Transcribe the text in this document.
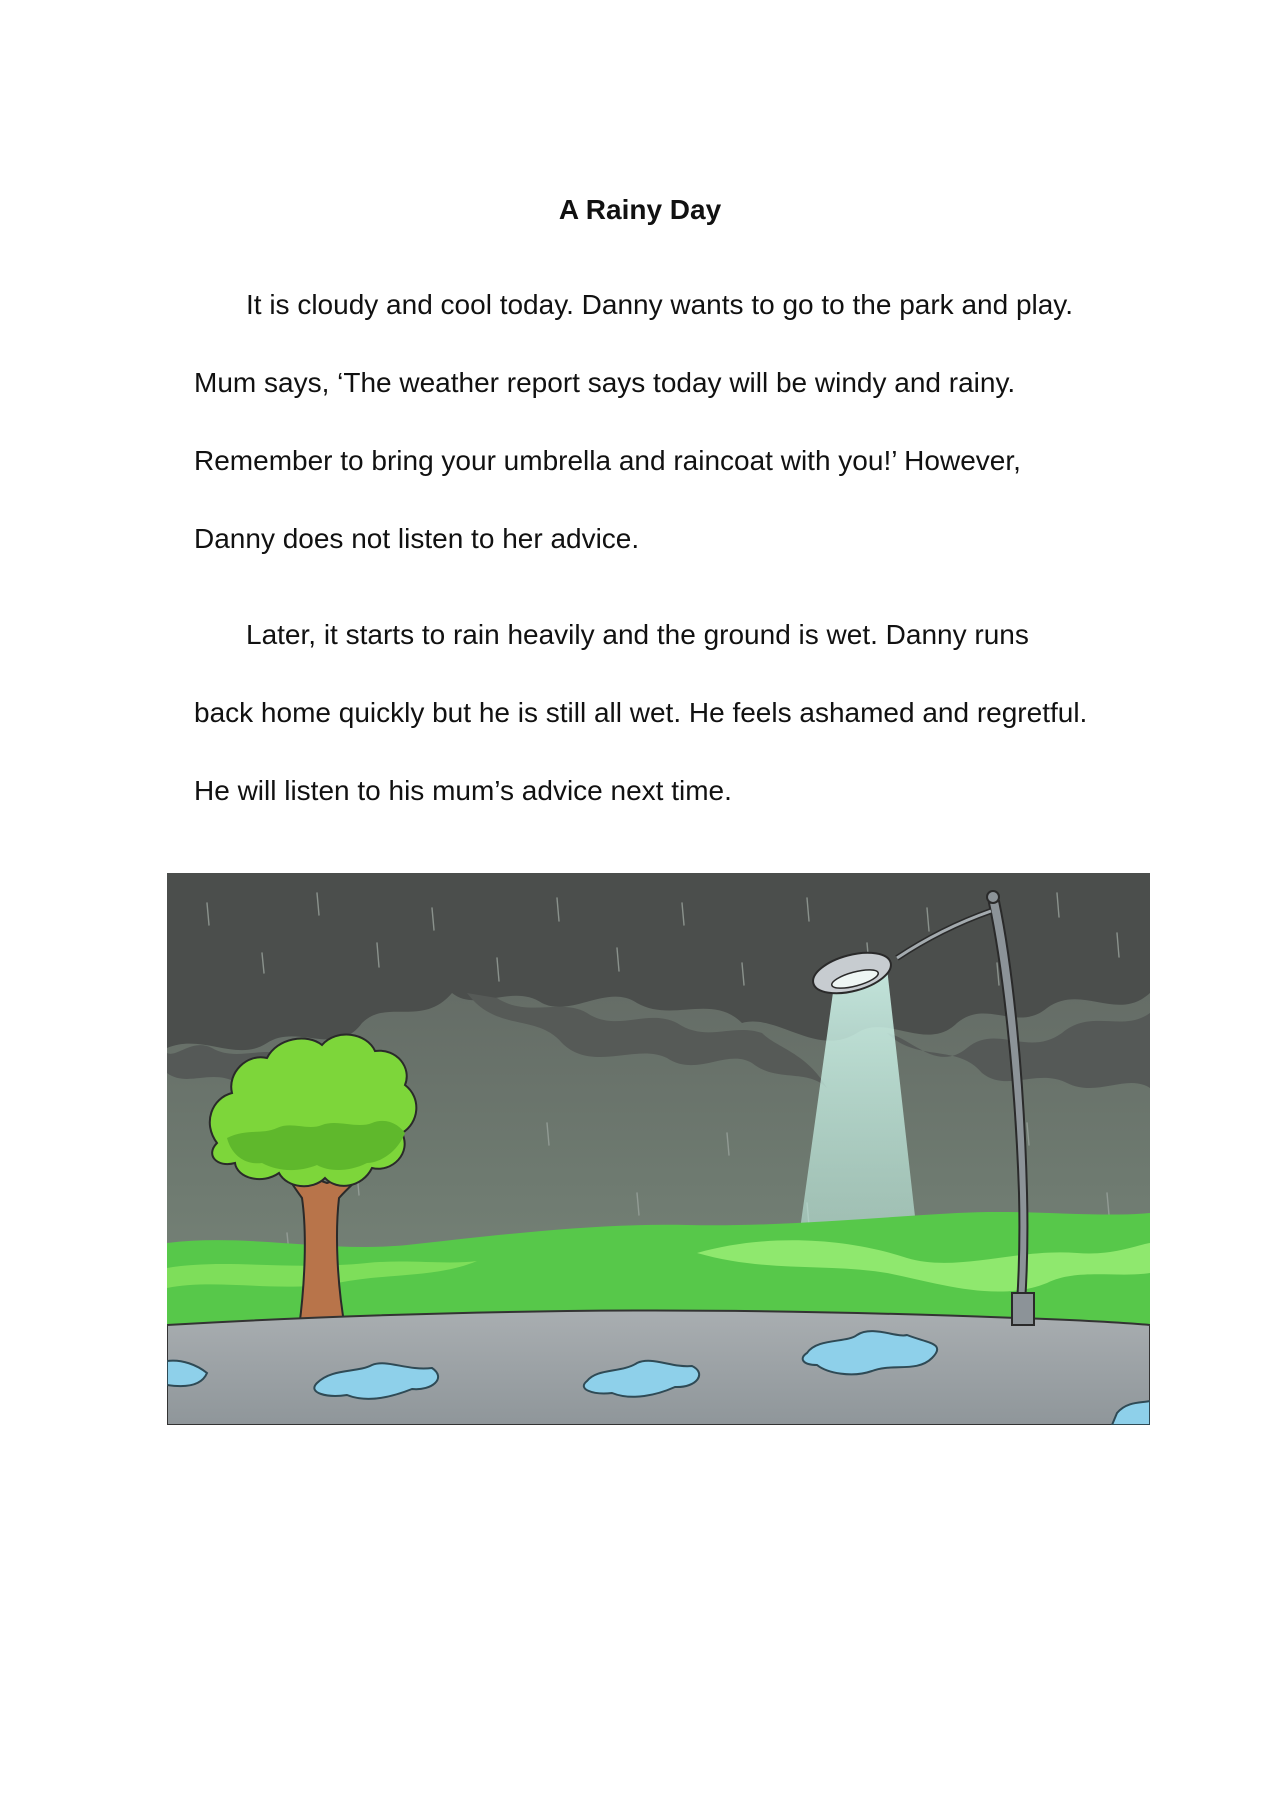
A Rainy Day

It is cloudy and cool today. Danny wants to go to the park and play. Mum says, ‘The weather report says today will be windy and rainy. Remember to bring your umbrella and raincoat with you!’ However, Danny does not listen to her advice.

Later, it starts to rain heavily and the ground is wet. Danny runs back home quickly but he is still all wet. He feels ashamed and regretful. He will listen to his mum’s advice next time.
